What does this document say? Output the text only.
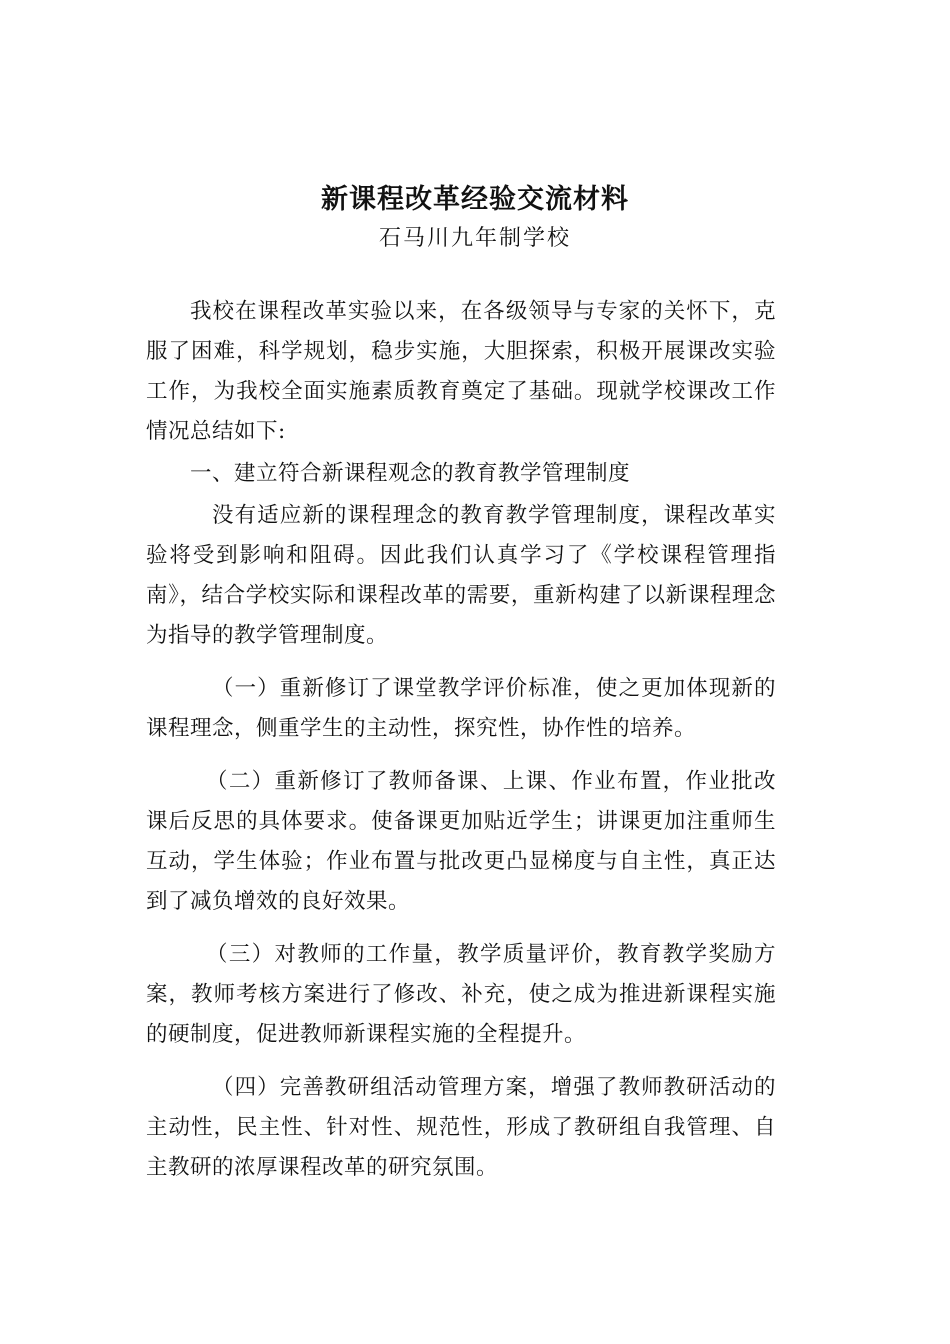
新课程改革经验交流材料
石马川九年制学校

我校在课程改革实验以来，在各级领导与专家的关怀下，克服了困难，科学规划，稳步实施，大胆探索，积极开展课改实验工作，为我校全面实施素质教育奠定了基础。现就学校课改工作情况总结如下:

一、建立符合新课程观念的教育教学管理制度

没有适应新的课程理念的教育教学管理制度，课程改革实验将受到影响和阻碍。因此我们认真学习了《学校课程管理指南》，结合学校实际和课程改革的需要，重新构建了以新课程理念为指导的教学管理制度。

（一）重新修订了课堂教学评价标准，使之更加体现新的课程理念，侧重学生的主动性，探究性，协作性的培养。

（二）重新修订了教师备课、上课、作业布置，作业批改课后反思的具体要求。使备课更加贴近学生；讲课更加注重师生互动，学生体验；作业布置与批改更凸显梯度与自主性，真正达到了减负增效的良好效果。

（三）对教师的工作量，教学质量评价，教育教学奖励方案，教师考核方案进行了修改、补充，使之成为推进新课程实施的硬制度，促进教师新课程实施的全程提升。

（四）完善教研组活动管理方案，增强了教师教研活动的主动性，民主性、针对性、规范性，形成了教研组自我管理、自主教研的浓厚课程改革的研究氛围。
